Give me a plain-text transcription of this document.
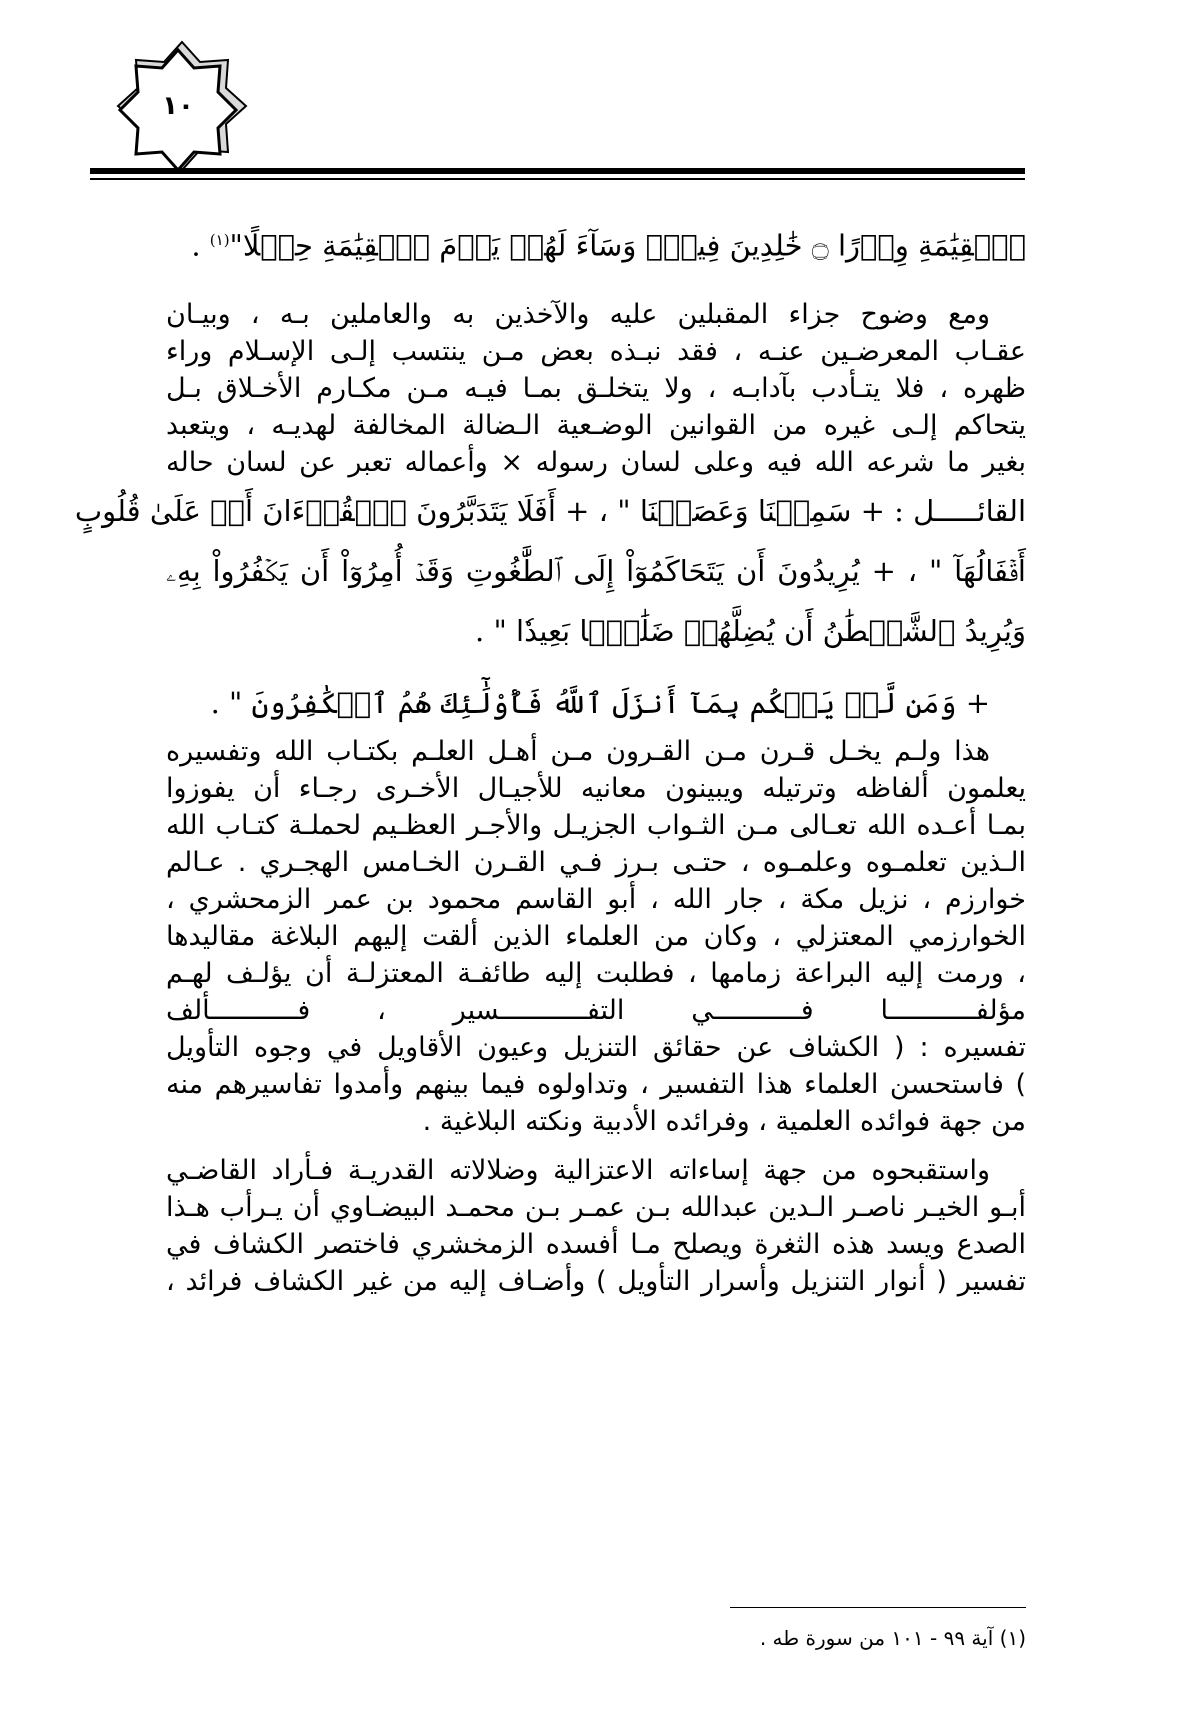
١٠
ٱلۡقِيَٰمَةِ وِزۡرًا ۝ خَٰلِدِينَ فِيهِۖ وَسَآءَ لَهُمۡ يَوۡمَ ٱلۡقِيَٰمَةِ حِمۡلًا"$^{(١)}$ .
ومع وضوح جزاء المقبلين عليه والآخذين به والعاملين بـه ، وبيـان
عقـاب المعرضـين عنـه ، فقد نبـذه بعض مـن ينتسب إلـى الإسـلام وراء
ظهره ، فلا يتـأدب بآدابـه ، ولا يتخلـق بمـا فيـه مـن مكـارم الأخـلاق بـل
يتحاكم إلـى غيره من القوانين الوضـعية الـضالة المخالفة لهديـه ، ويتعبد
بغير ما شرعه الله فيه وعلى لسان رسوله × وأعماله تعبر عن لسان حاله
القائـــــل : + سَمِعۡنَا وَعَصَيۡنَا " ، + أَفَلَا يَتَدَبَّرُونَ ٱلۡقُرۡءَانَ أَمۡ عَلَىٰ قُلُوبٍ
أَقۡفَالُهَآ " ، + يُرِيدُونَ أَن يَتَحَاكَمُوٓاْ إِلَى ٱلطَّٰغُوتِ وَقَدۡ أُمِرُوٓاْ أَن يَكۡفُرُواْ بِهِۦ
وَيُرِيدُ ٱلشَّيۡطَٰنُ أَن يُضِلَّهُمۡ ضَلَٰلَۢا بَعِيدٗا " .
+ وَمَن لَّمۡ يَحۡكُم بِمَآ أَنزَلَ ٱللَّهُ فَأُوْلَٰٓئِكَ هُمُ ٱلۡكَٰفِرُونَ " .
هذا ولـم يخـل قـرن مـن القـرون مـن أهـل العلـم بكتـاب الله وتفسيره
يعلمون ألفاظه وترتيله ويبينون معانيه للأجيـال الأخـرى رجـاء أن يفوزوا
بمـا أعـده الله تعـالى مـن الثـواب الجزيـل والأجـر العظـيم لحملـة كتـاب الله
الـذين تعلمـوه وعلمـوه ، حتـى بـرز فـي القـرن الخـامس الهجـري . عـالم
خوارزم ، نزيل مكة ، جار الله ، أبو القاسم محمود بن عمر الزمحشري ،
الخوارزمي المعتزلي ، وكان من العلماء الذين ألقت إليهم البلاغة مقاليدها
، ورمت إليه البراعة زمامها ، فطلبت إليه طائفـة المعتزلـة أن يؤلـف لهـم
مؤلفـــــــــــا فـــــــــــي التفـــــــــــسير ، فـــــــــــألف
تفسيره : ( الكشاف عن حقائق التنزيل وعيون الأقاويل في وجوه التأويل
) فاستحسن العلماء هذا التفسير ، وتداولوه فيما بينهم وأمدوا تفاسيرهم منه
من جهة فوائده العلمية ، وفرائده الأدبية ونكته البلاغية .
واستقبحوه من جهة إساءاته الاعتزالية وضلالاته القدريـة فـأراد القاضـي
أبـو الخيـر ناصـر الـدين عبدالله بـن عمـر بـن محمـد البيضـاوي أن يـرأب هـذا
الصدع ويسد هذه الثغرة ويصلح مـا أفسده الزمخشري فاختصر الكشاف في
تفسير ( أنوار التنزيل وأسرار التأويل ) وأضـاف إليه من غير الكشاف فرائد ،
(١) آية ٩٩ - ١٠١ من سورة طه .
